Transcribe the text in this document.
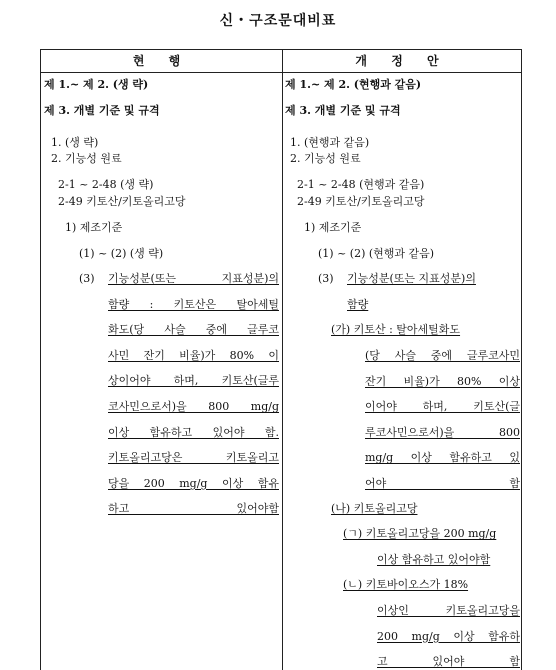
신・구조문대비표
현 행	개 정 안
제 1.~ 제 2. (생 략)
제 3. 개별 기준 및 규격
1. (생 략)
2. 기능성 원료
2-1 ~ 2-48 (생 략)
2-49 키토산/키토올리고당
1) 제조기준
(1) ~ (2) (생 략)
(3) 기능성분(또는 지표성분)의
함량 : 키토산은 탈아세틸
화도(당 사슬 중에 글루코
사민 잔기 비율)가 80% 이
상이어야 하며, 키토산(글루
코사민으로서)을 800 mg/g
이상 함유하고 있어야 함.
키토올리고당은 키토올리고
당을 200 mg/g 이상 함유
하고 있어야함
제 1.~ 제 2. (현행과 같음)
제 3. 개별 기준 및 규격
1. (현행과 같음)
2. 기능성 원료
2-1 ~ 2-48 (현행과 같음)
2-49 키토산/키토올리고당
1) 제조기준
(1) ~ (2) (현행과 같음)
(3) 기능성분(또는 지표성분)의
함량
(가) 키토산 : 탈아세틸화도
(당 사슬 중에 글루코사민
잔기 비율)가 80% 이상
이어야 하며, 키토산(글
루코사민으로서)을 800
mg/g 이상 함유하고 있
어야 함
(나) 키토올리고당
(ㄱ) 키토올리고당을 200 mg/g
이상 함유하고 있어야함
(ㄴ) 키토바이오스가 18%
이상인 키토올리고당을
200 mg/g 이상 함유하
고 있어야 함
